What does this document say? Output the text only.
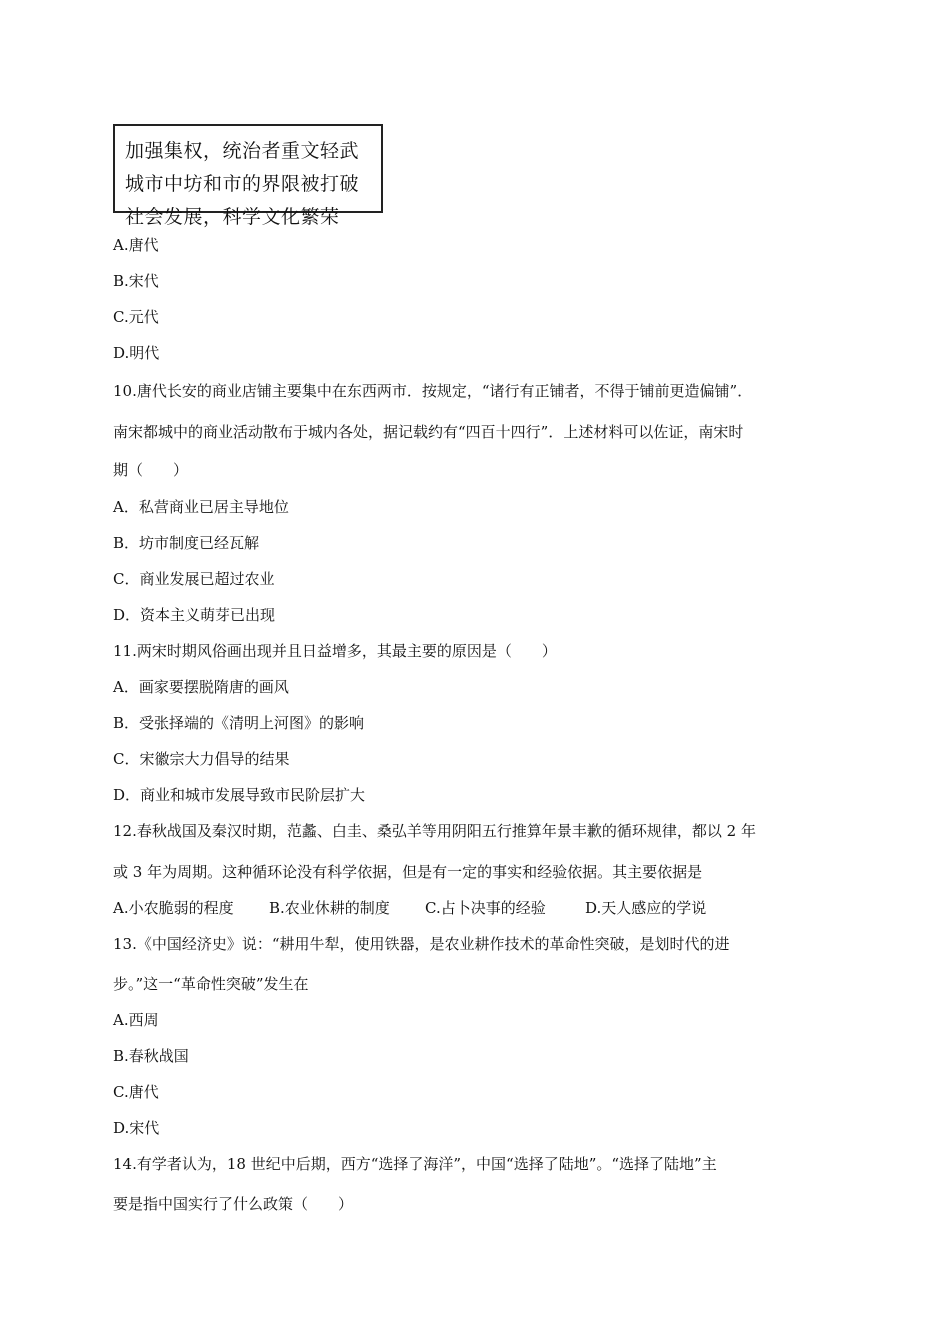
加强集权，统治者重文轻武
城市中坊和市的界限被打破
社会发展，科学文化繁荣
A.唐代
B.宋代
C.元代
D.明代
10.唐代长安的商业店铺主要集中在东西两市．按规定，“诸行有正铺者，不得于铺前更造偏铺”．
南宋都城中的商业活动散布于城内各处，据记载约有“四百十四行”．上述材料可以佐证，南宋时
期（　　）
A．私营商业已居主导地位
B．坊市制度已经瓦解
C．商业发展已超过农业
D．资本主义萌芽已出现
11.两宋时期风俗画出现并且日益增多，其最主要的原因是（　　）
A．画家要摆脱隋唐的画风
B．受张择端的《清明上河图》的影响
C．宋徽宗大力倡导的结果
D．商业和城市发展导致市民阶层扩大
12.春秋战国及秦汉时期，范蠡、白圭、桑弘羊等用阴阳五行推算年景丰歉的循环规律，都以 2 年
或 3 年为周期。这种循环论没有科学依据，但是有一定的事实和经验依据。其主要依据是
A.小农脆弱的程度 B.农业休耕的制度 C.占卜决事的经验	D.天人感应的学说
13.《中国经济史》说：“耕用牛犁，使用铁器，是农业耕作技术的革命性突破，是划时代的进
步。”这一“革命性突破”发生在
A.西周
B.春秋战国
C.唐代
D.宋代
14.有学者认为，18 世纪中后期，西方“选择了海洋”，中国“选择了陆地”。“选择了陆地”主
要是指中国实行了什么政策（　　）
